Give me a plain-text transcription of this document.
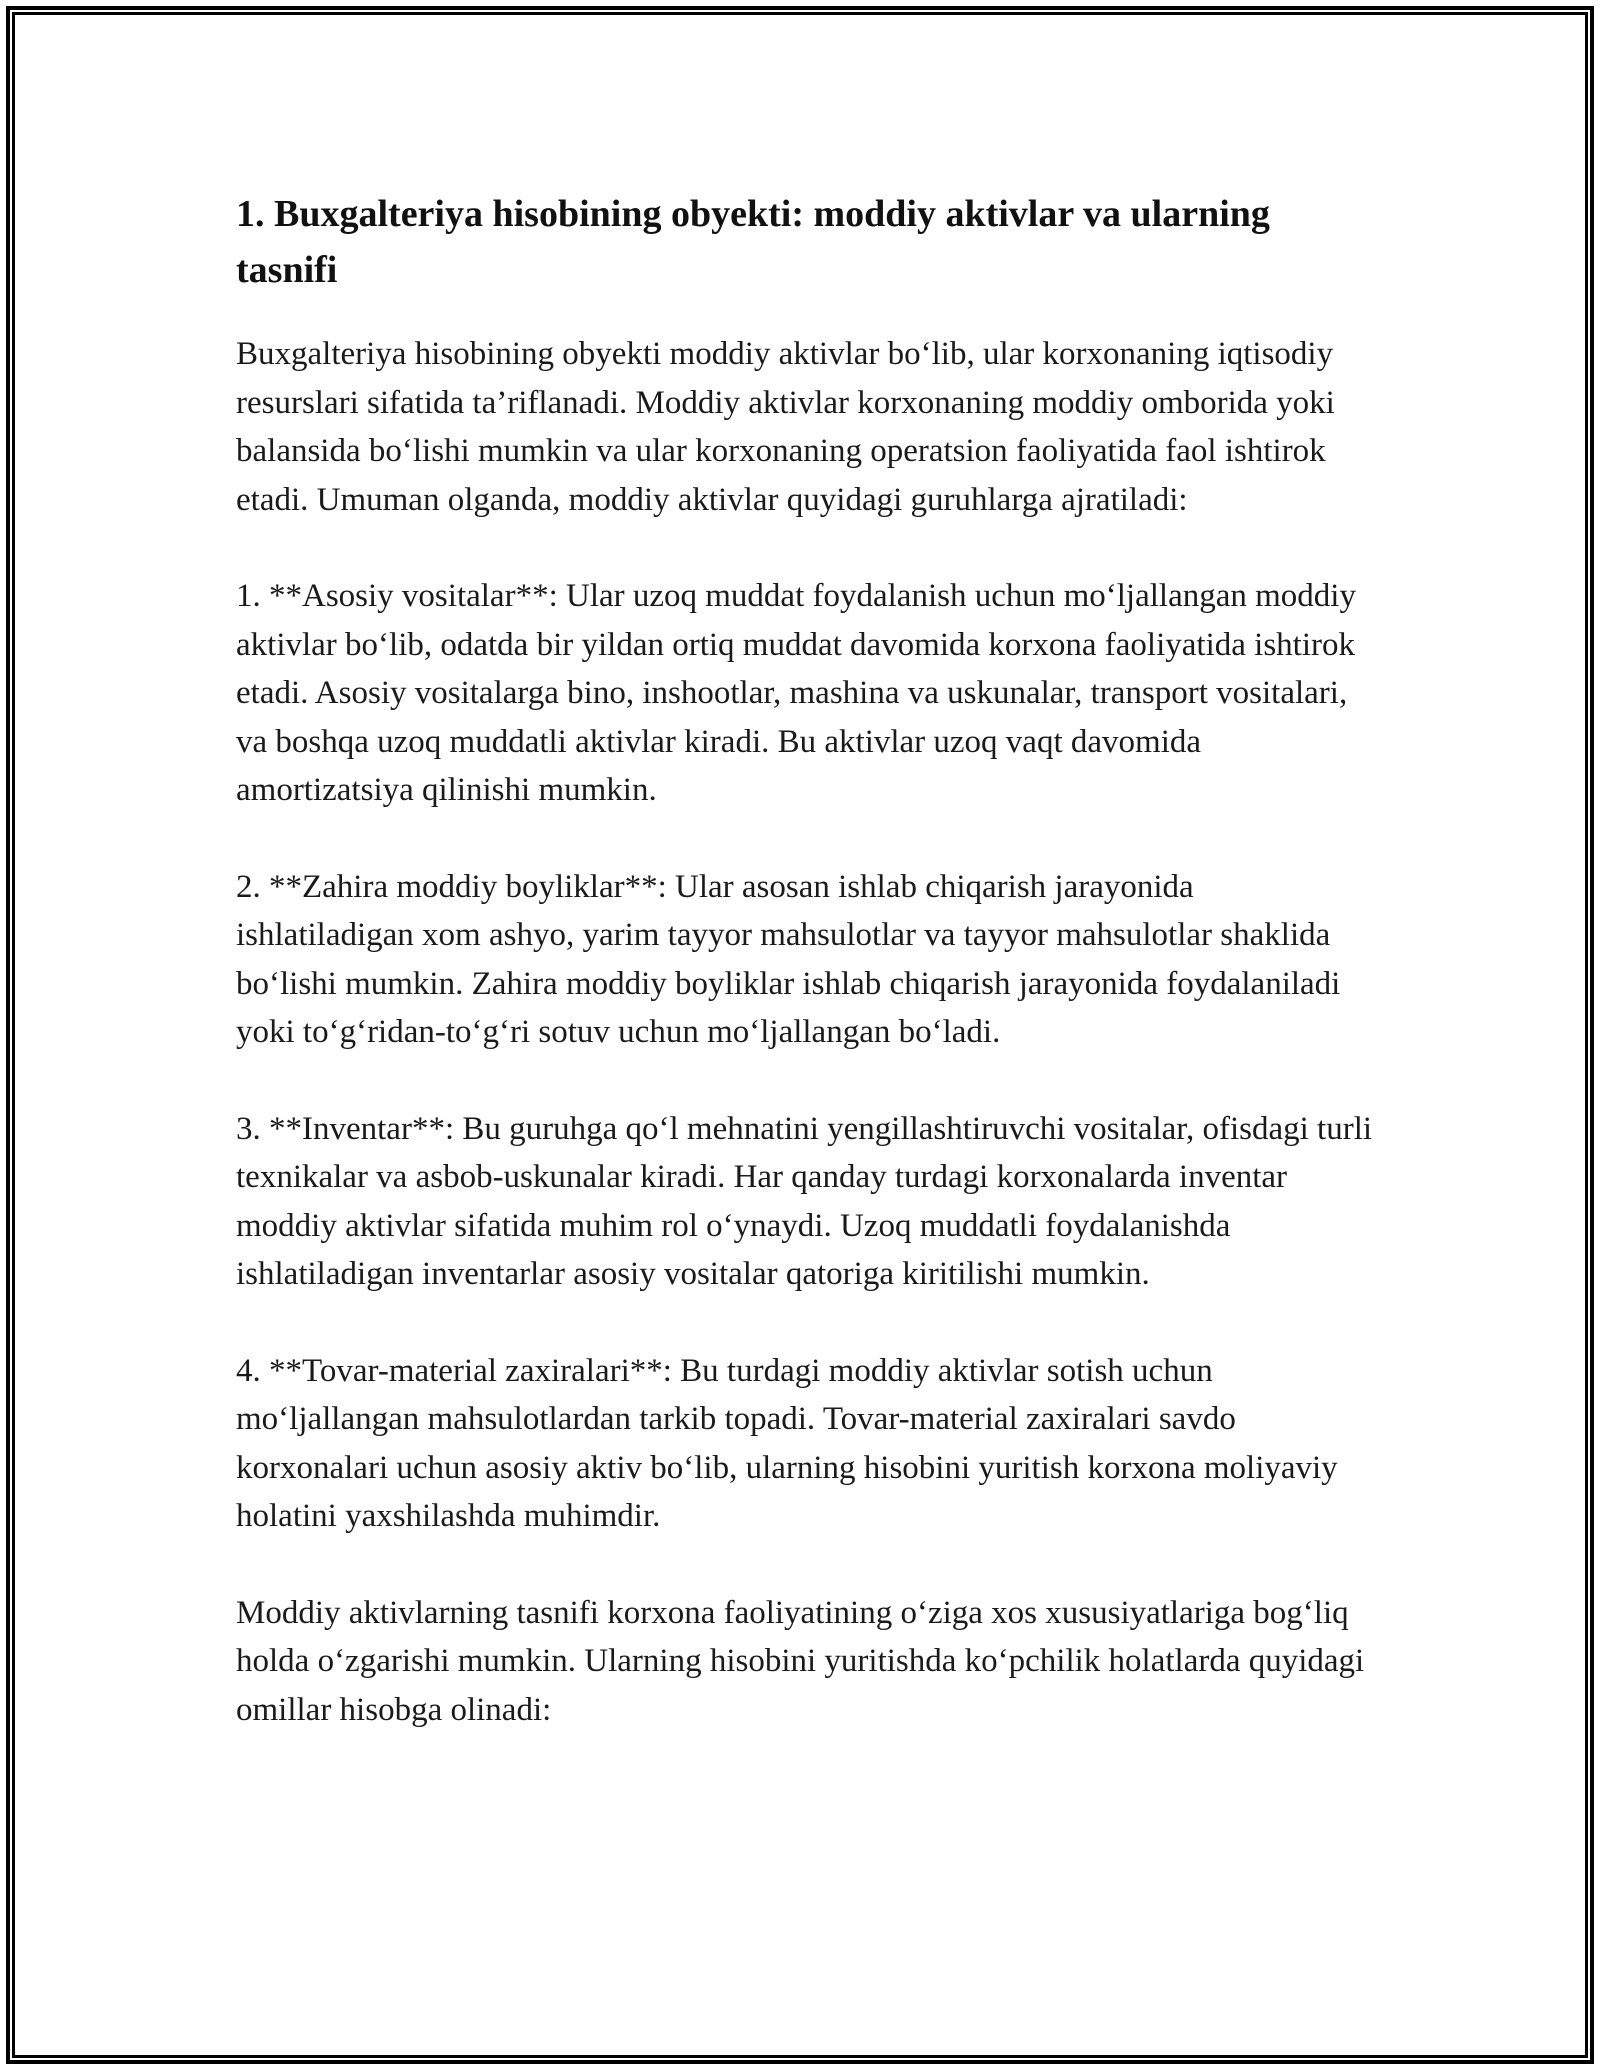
1. Buxgalteriya hisobining obyekti: moddiy aktivlar va ularning tasnifi

Buxgalteriya hisobining obyekti moddiy aktivlar bo‘lib, ular korxonaning iqtisodiy resurslari sifatida ta’riflanadi. Moddiy aktivlar korxonaning moddiy omborida yoki balansida bo‘lishi mumkin va ular korxonaning operatsion faoliyatida faol ishtirok etadi. Umuman olganda, moddiy aktivlar quyidagi guruhlarga ajratiladi:

1. **Asosiy vositalar**: Ular uzoq muddat foydalanish uchun mo‘ljallangan moddiy aktivlar bo‘lib, odatda bir yildan ortiq muddat davomida korxona faoliyatida ishtirok etadi. Asosiy vositalarga bino, inshootlar, mashina va uskunalar, transport vositalari, va boshqa uzoq muddatli aktivlar kiradi. Bu aktivlar uzoq vaqt davomida amortizatsiya qilinishi mumkin.

2. **Zahira moddiy boyliklar**: Ular asosan ishlab chiqarish jarayonida ishlatiladigan xom ashyo, yarim tayyor mahsulotlar va tayyor mahsulotlar shaklida bo‘lishi mumkin. Zahira moddiy boyliklar ishlab chiqarish jarayonida foydalaniladi yoki to‘g‘ridan-to‘g‘ri sotuv uchun mo‘ljallangan bo‘ladi.

3. **Inventar**: Bu guruhga qo‘l mehnatini yengillashtiruvchi vositalar, ofisdagi turli texnikalar va asbob-uskunalar kiradi. Har qanday turdagi korxonalarda inventar moddiy aktivlar sifatida muhim rol o‘ynaydi. Uzoq muddatli foydalanishda ishlatiladigan inventarlar asosiy vositalar qatoriga kiritilishi mumkin.

4. **Tovar-material zaxiralari**: Bu turdagi moddiy aktivlar sotish uchun mo‘ljallangan mahsulotlardan tarkib topadi. Tovar-material zaxiralari savdo korxonalari uchun asosiy aktiv bo‘lib, ularning hisobini yuritish korxona moliyaviy holatini yaxshilashda muhimdir.

Moddiy aktivlarning tasnifi korxona faoliyatining o‘ziga xos xususiyatlariga bog‘liq holda o‘zgarishi mumkin. Ularning hisobini yuritishda ko‘pchilik holatlarda quyidagi omillar hisobga olinadi:
